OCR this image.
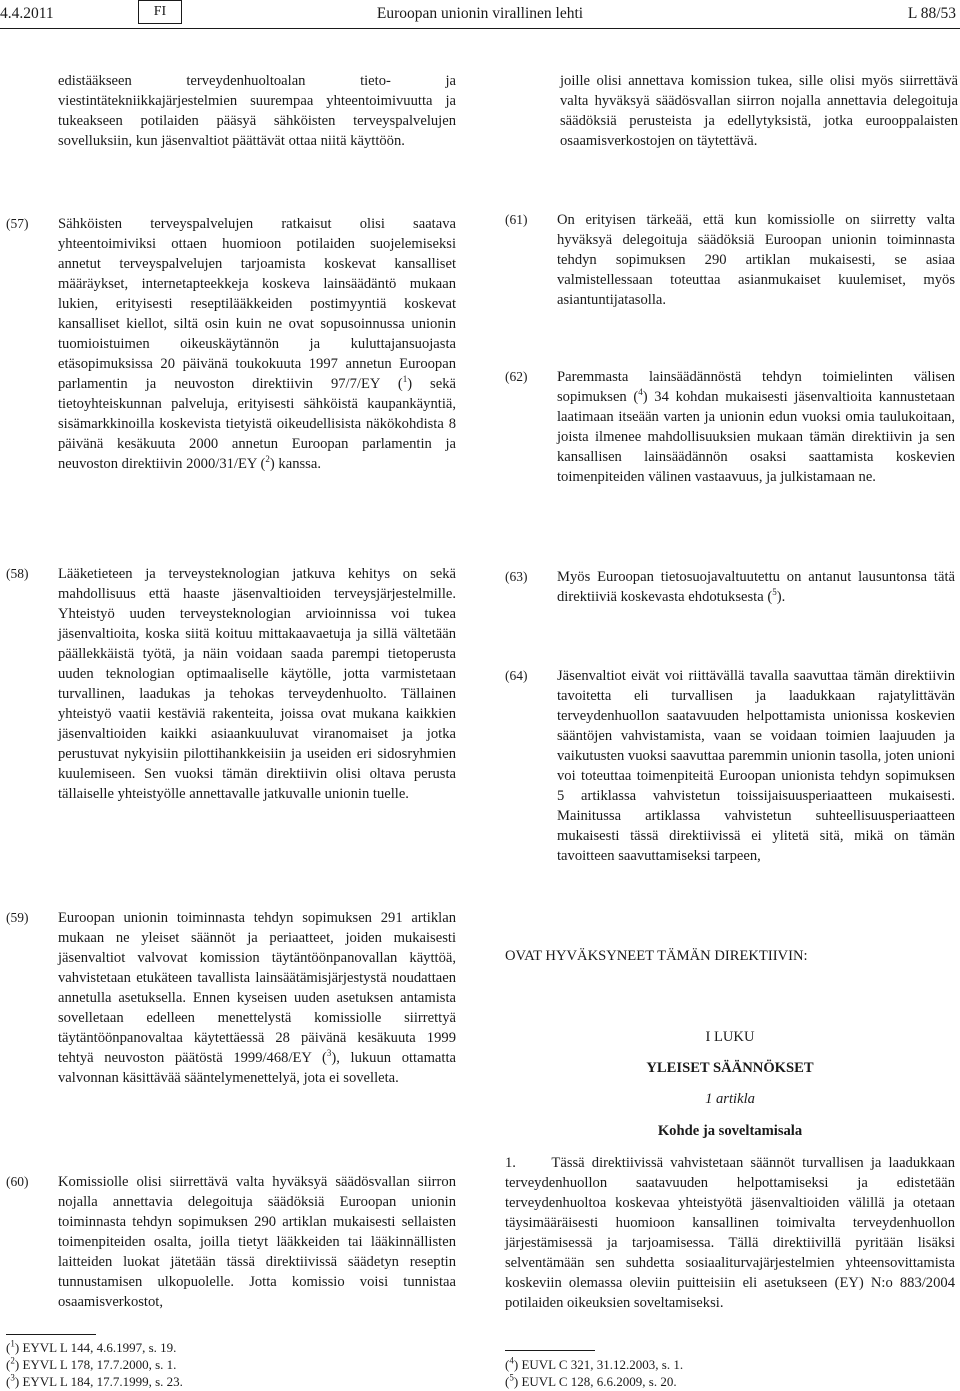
4.4.2011	FI	Euroopan unionin virallinen lehti	L 88/53
edistääkseen terveydenhuoltoalan tieto- ja viestintätekniikkajärjestelmien suurempaa yhteentoimivuutta ja tukeakseen potilaiden pääsyä sähköisten terveyspalvelujen sovelluksiin, kun jäsenvaltiot päättävät ottaa niitä käyttöön.
joille olisi annettava komission tukea, sille olisi myös siirrettävä valta hyväksyä säädösvallan siirron nojalla annettavia delegoituja säädöksiä perusteista ja edellytyksistä, jotka eurooppalaisten osaamisverkostojen on täytettävä.
(57) Sähköisten terveyspalvelujen ratkaisut olisi saatava yhteentoimiviksi ottaen huomioon potilaiden suojelemiseksi annetut terveyspalvelujen tarjoamista koskevat kansalliset määräykset, internetapteekkeja koskeva lainsäädäntö mukaan lukien, erityisesti reseptilääkkeiden postimyyntiä koskevat kansalliset kiellot, siltä osin kuin ne ovat sopusoinnussa unionin tuomioistuimen oikeuskäytännön ja kuluttajansuojasta etäsopimuksissa 20 päivänä toukokuuta 1997 annetun Euroopan parlamentin ja neuvoston direktiivin 97/7/EY ($^1$) sekä tietoyhteiskunnan palveluja, erityisesti sähköistä kaupankäyntiä, sisämarkkinoilla koskevista tietyistä oikeudellisista näkökohdista 8 päivänä kesäkuuta 2000 annetun Euroopan parlamentin ja neuvoston direktiivin 2000/31/EY ($^2$) kanssa.
(58) Lääketieteen ja terveysteknologian jatkuva kehitys on sekä mahdollisuus että haaste jäsenvaltioiden terveysjärjestelmille. Yhteistyö uuden terveysteknologian arvioinnissa voi tukea jäsenvaltioita, koska siitä koituu mittakaavaetuja ja sillä vältetään päällekkäistä työtä, ja näin voidaan saada parempi tietoperusta uuden teknologian optimaaliselle käytölle, jotta varmistetaan turvallinen, laadukas ja tehokas terveydenhuolto. Tällainen yhteistyö vaatii kestäviä rakenteita, joissa ovat mukana kaikkien jäsenvaltioiden kaikki asiaankuuluvat viranomaiset ja jotka perustuvat nykyisiin pilottihankkeisiin ja useiden eri sidosryhmien kuulemiseen. Sen vuoksi tämän direktiivin olisi oltava perusta tällaiselle yhteistyölle annettavalle jatkuvalle unionin tuelle.
(59) Euroopan unionin toiminnasta tehdyn sopimuksen 291 artiklan mukaan ne yleiset säännöt ja periaatteet, joiden mukaisesti jäsenvaltiot valvovat komission täytäntöönpanovallan käyttöä, vahvistetaan etukäteen tavallista lainsäätämisjärjestystä noudattaen annetulla asetuksella. Ennen kyseisen uuden asetuksen antamista sovelletaan edelleen menettelystä komissiolle siirrettyä täytäntöönpanovaltaa käytettäessä 28 päivänä kesäkuuta 1999 tehtyä neuvoston päätöstä 1999/468/EY ($^3$), lukuun ottamatta valvonnan käsittävää sääntelymenettelyä, jota ei sovelleta.
(60) Komissiolle olisi siirrettävä valta hyväksyä säädösvallan siirron nojalla annettavia delegoituja säädöksiä Euroopan unionin toiminnasta tehdyn sopimuksen 290 artiklan mukaisesti sellaisten toimenpiteiden osalta, joilla tietyt lääkkeiden tai lääkinnällisten laitteiden luokat jätetään tässä direktiivissä säädetyn reseptin tunnustamisen ulkopuolelle. Jotta komissio voisi tunnistaa osaamisverkostot,
(61) On erityisen tärkeää, että kun komissiolle on siirretty valta hyväksyä delegoituja säädöksiä Euroopan unionin toiminnasta tehdyn sopimuksen 290 artiklan mukaisesti, se asiaa valmistellessaan toteuttaa asianmukaiset kuulemiset, myös asiantuntijatasolla.
(62) Paremmasta lainsäädännöstä tehdyn toimielinten välisen sopimuksen ($^4$) 34 kohdan mukaisesti jäsenvaltioita kannustetaan laatimaan itseään varten ja unionin edun vuoksi omia taulukoitaan, joista ilmenee mahdollisuuksien mukaan tämän direktiivin ja sen kansallisen lainsäädännön osaksi saattamista koskevien toimenpiteiden välinen vastaavuus, ja julkistamaan ne.
(63) Myös Euroopan tietosuojavaltuutettu on antanut lausuntonsa tätä direktiiviä koskevasta ehdotuksesta ($^5$).
(64) Jäsenvaltiot eivät voi riittävällä tavalla saavuttaa tämän direktiivin tavoitetta eli turvallisen ja laadukkaan rajatylittävän terveydenhuollon saatavuuden helpottamista unionissa koskevien sääntöjen vahvistamista, vaan se voidaan toimien laajuuden ja vaikutusten vuoksi saavuttaa paremmin unionin tasolla, joten unioni voi toteuttaa toimenpiteitä Euroopan unionista tehdyn sopimuksen 5 artiklassa vahvistetun toissijaisuusperiaatteen mukaisesti. Mainitussa artiklassa vahvistetun suhteellisuusperiaatteen mukaisesti tässä direktiivissä ei ylitetä sitä, mikä on tämän tavoitteen saavuttamiseksi tarpeen,
OVAT HYVÄKSYNEET TÄMÄN DIREKTIIVIN:
I LUKU
YLEISET SÄÄNNÖKSET
1 artikla
Kohde ja soveltamisala
1.     Tässä direktiivissä vahvistetaan säännöt turvallisen ja laadukkaan terveydenhuollon saatavuuden helpottamiseksi ja edistetään terveydenhuoltoa koskevaa yhteistyötä jäsenvaltioiden välillä ja otetaan täysimääräisesti huomioon kansallinen toimivalta terveydenhuollon järjestämisessä ja tarjoamisessa. Tällä direktiivillä pyritään lisäksi selventämään sen suhdetta sosiaaliturvajärjestelmien yhteensovittamista koskeviin olemassa oleviin puitteisiin eli asetukseen (EY) N:o 883/2004 potilaiden oikeuksien soveltamiseksi.
($^1$) EYVL L 144, 4.6.1997, s. 19.
($^2$) EYVL L 178, 17.7.2000, s. 1.
($^3$) EYVL L 184, 17.7.1999, s. 23.
($^4$) EUVL C 321, 31.12.2003, s. 1.
($^5$) EUVL C 128, 6.6.2009, s. 20.
